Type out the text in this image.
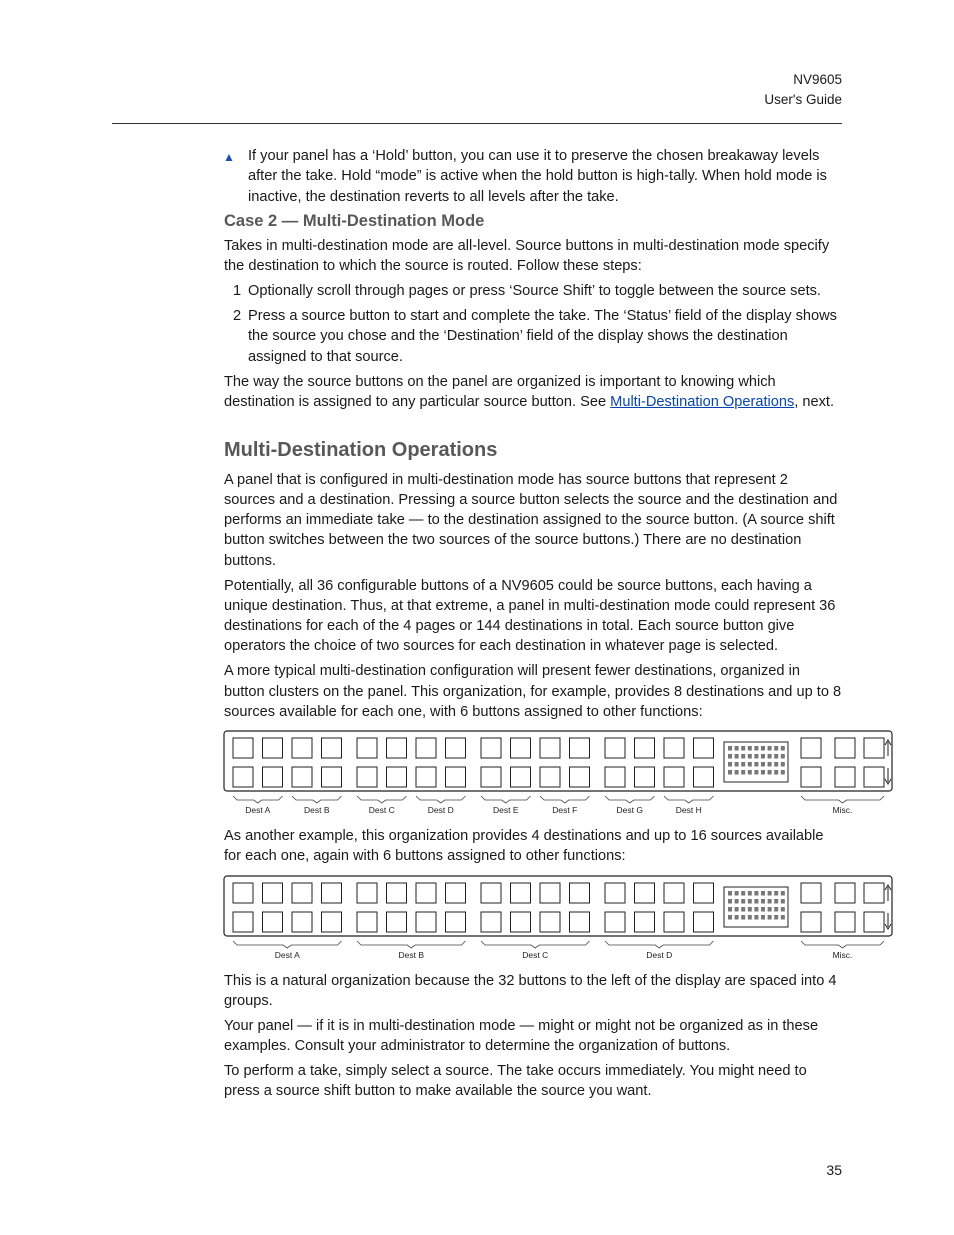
NV9605
User's Guide

▲ If your panel has a ‘Hold’ button, you can use it to preserve the chosen breakaway levels after the take. Hold “mode” is active when the hold button is high-tally. When hold mode is inactive, the destination reverts to all levels after the take.

Case 2 — Multi-Destination Mode

Takes in multi-destination mode are all-level. Source buttons in multi-destination mode specify the destination to which the source is routed. Follow these steps:

1 Optionally scroll through pages or press ‘Source Shift’ to toggle between the source sets.
2 Press a source button to start and complete the take. The ‘Status’ field of the display shows the source you chose and the ‘Destination’ field of the display shows the destination assigned to that source.

The way the source buttons on the panel are organized is important to knowing which destination is assigned to any particular source button. See Multi-Destination Operations, next.

Multi-Destination Operations

A panel that is configured in multi-destination mode has source buttons that represent 2 sources and a destination. Pressing a source button selects the source and the destination and performs an immediate take — to the destination assigned to the source button. (A source shift button switches between the two sources of the source buttons.) There are no destination buttons.

Potentially, all 36 configurable buttons of a NV9605 could be source buttons, each having a unique destination. Thus, at that extreme, a panel in multi-destination mode could represent 36 destinations for each of the 4 pages or 144 destinations in total. Each source button give operators the choice of two sources for each destination in whatever page is selected.

A more typical multi-destination configuration will present fewer destinations, organized in button clusters on the panel. This organization, for example, provides 8 destinations and up to 8 sources available for each one, with 6 buttons assigned to other functions:

Dest A	Dest B	Dest C	Dest D	Dest E	Dest F	Dest G	Dest H	Misc.

As another example, this organization provides 4 destinations and up to 16 sources available for each one, again with 6 buttons assigned to other functions:

Dest A	Dest B	Dest C	Dest D	Misc.

This is a natural organization because the 32 buttons to the left of the display are spaced into 4 groups.

Your panel — if it is in multi-destination mode — might or might not be organized as in these examples. Consult your administrator to determine the organization of buttons.

To perform a take, simply select a source. The take occurs immediately. You might need to press a source shift button to make available the source you want.

35
